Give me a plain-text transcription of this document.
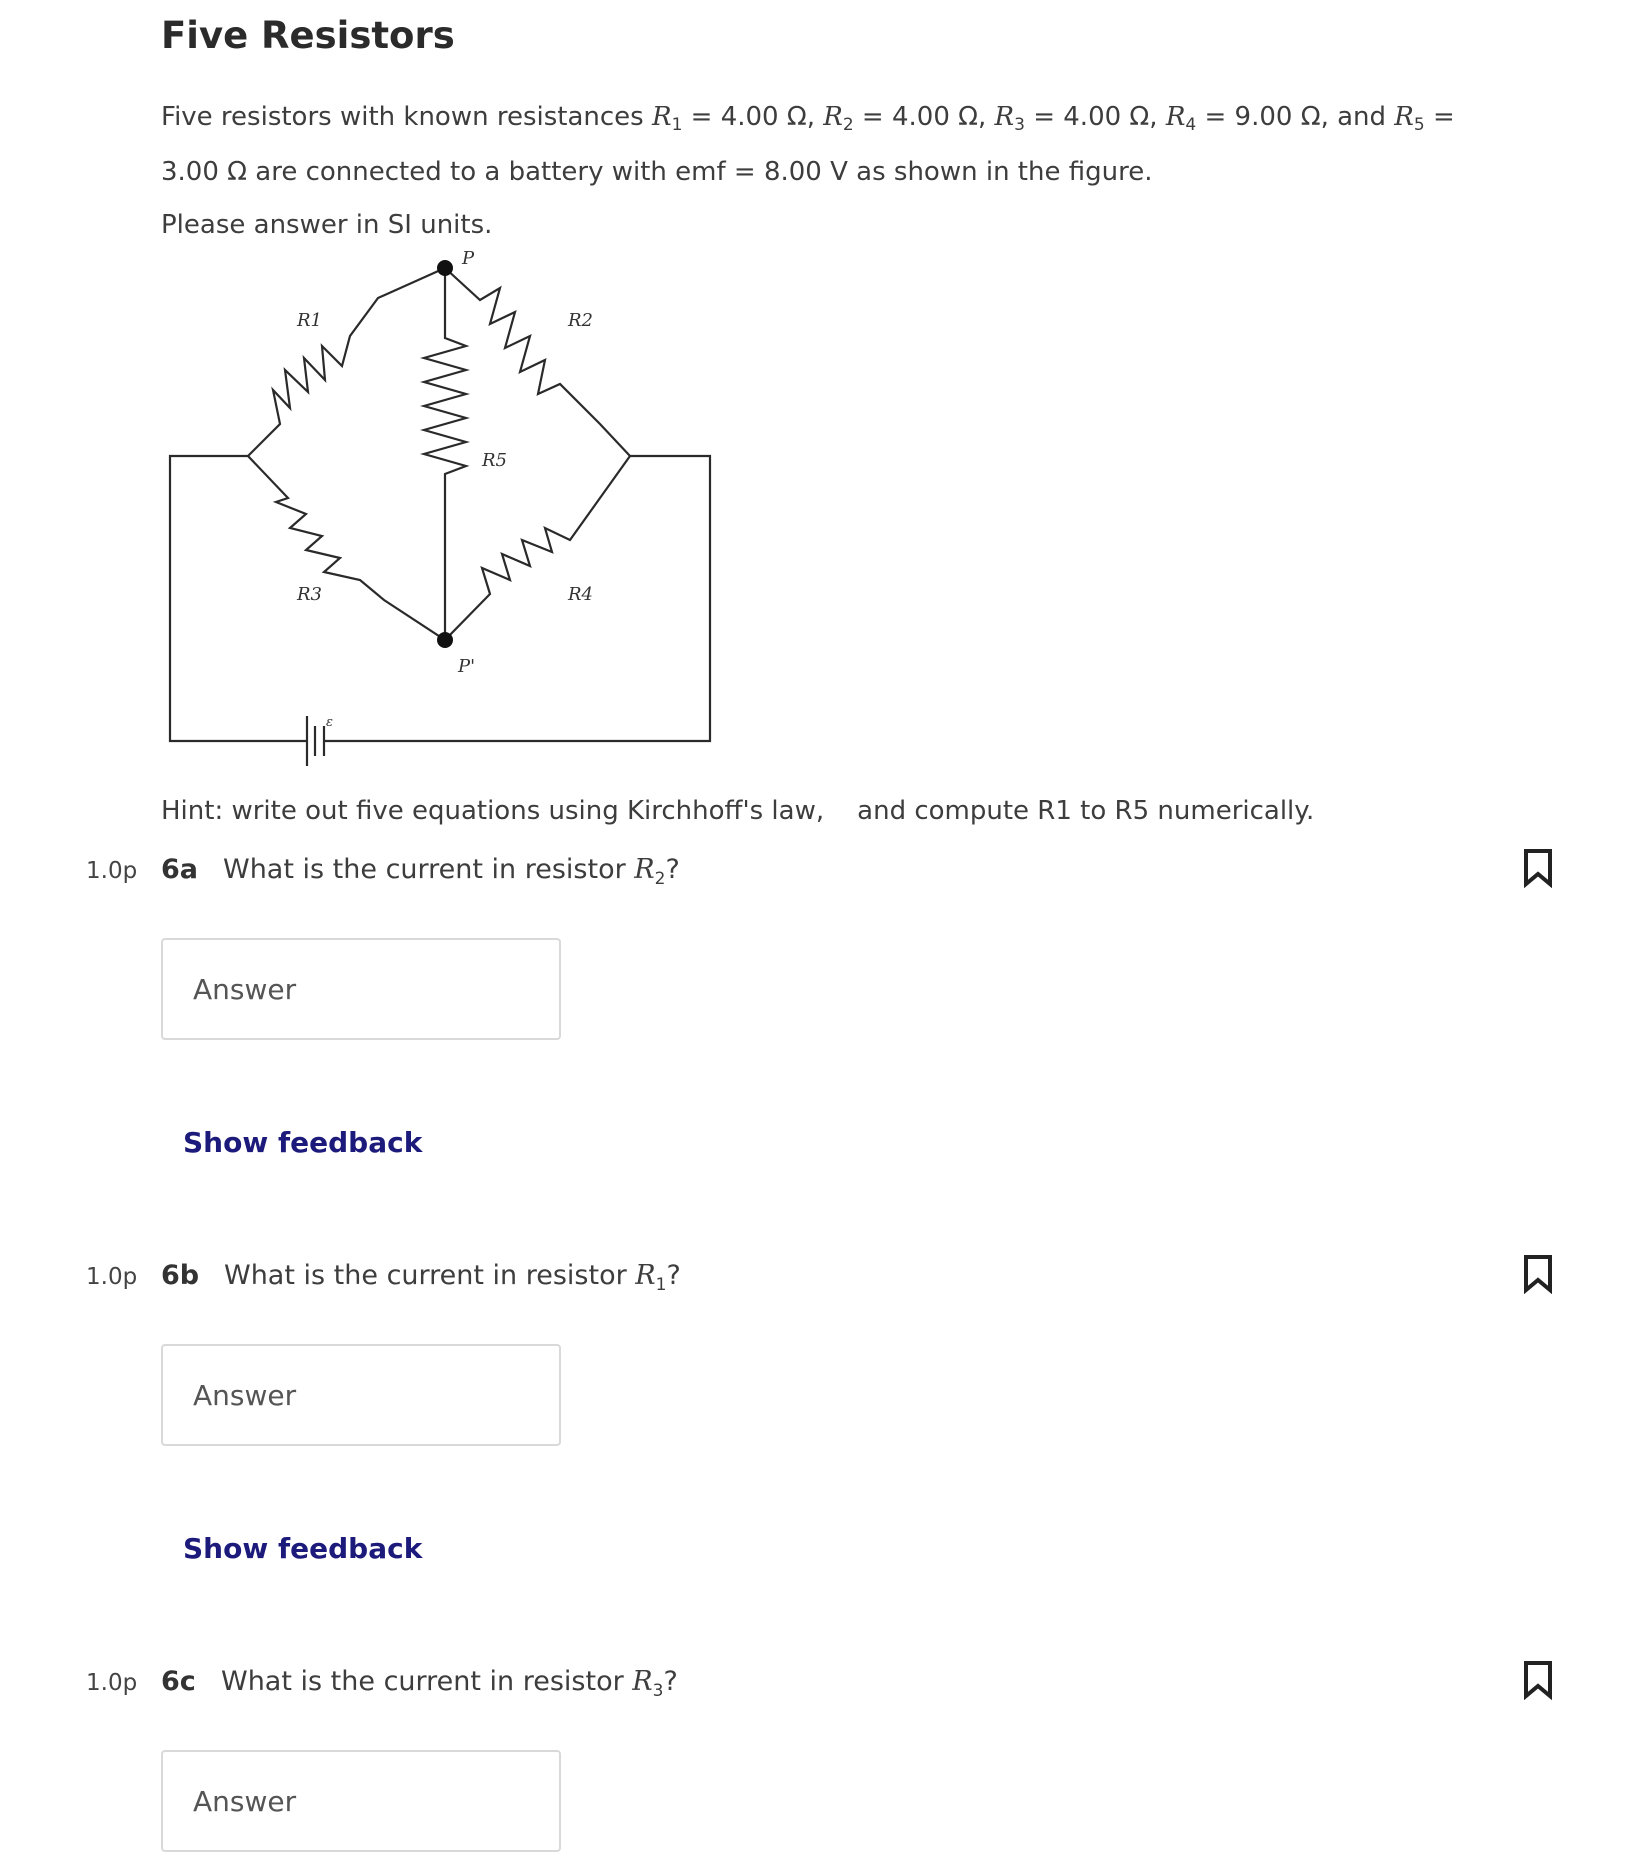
Five Resistors
Five resistors with known resistances $R_1 = 4.00$ Ω, $R_2 = 4.00$ Ω, $R_3 = 4.00$ Ω, $R_4 = 9.00$ Ω, and $R_5 = 3.00$ Ω are connected to a battery with emf = 8.00 V as shown in the figure.
Please answer in SI units.
P
P'
R1	R2
R3	R4
R5
ε
Hint: write out five equations using Kirchhoff's law,    and compute R1 to R5 numerically.
1.0p 6a What is the current in resistor $R_2$?
Answer
Show feedback
1.0p 6b What is the current in resistor $R_1$?
Answer
Show feedback
1.0p 6c What is the current in resistor $R_3$?
Answer
